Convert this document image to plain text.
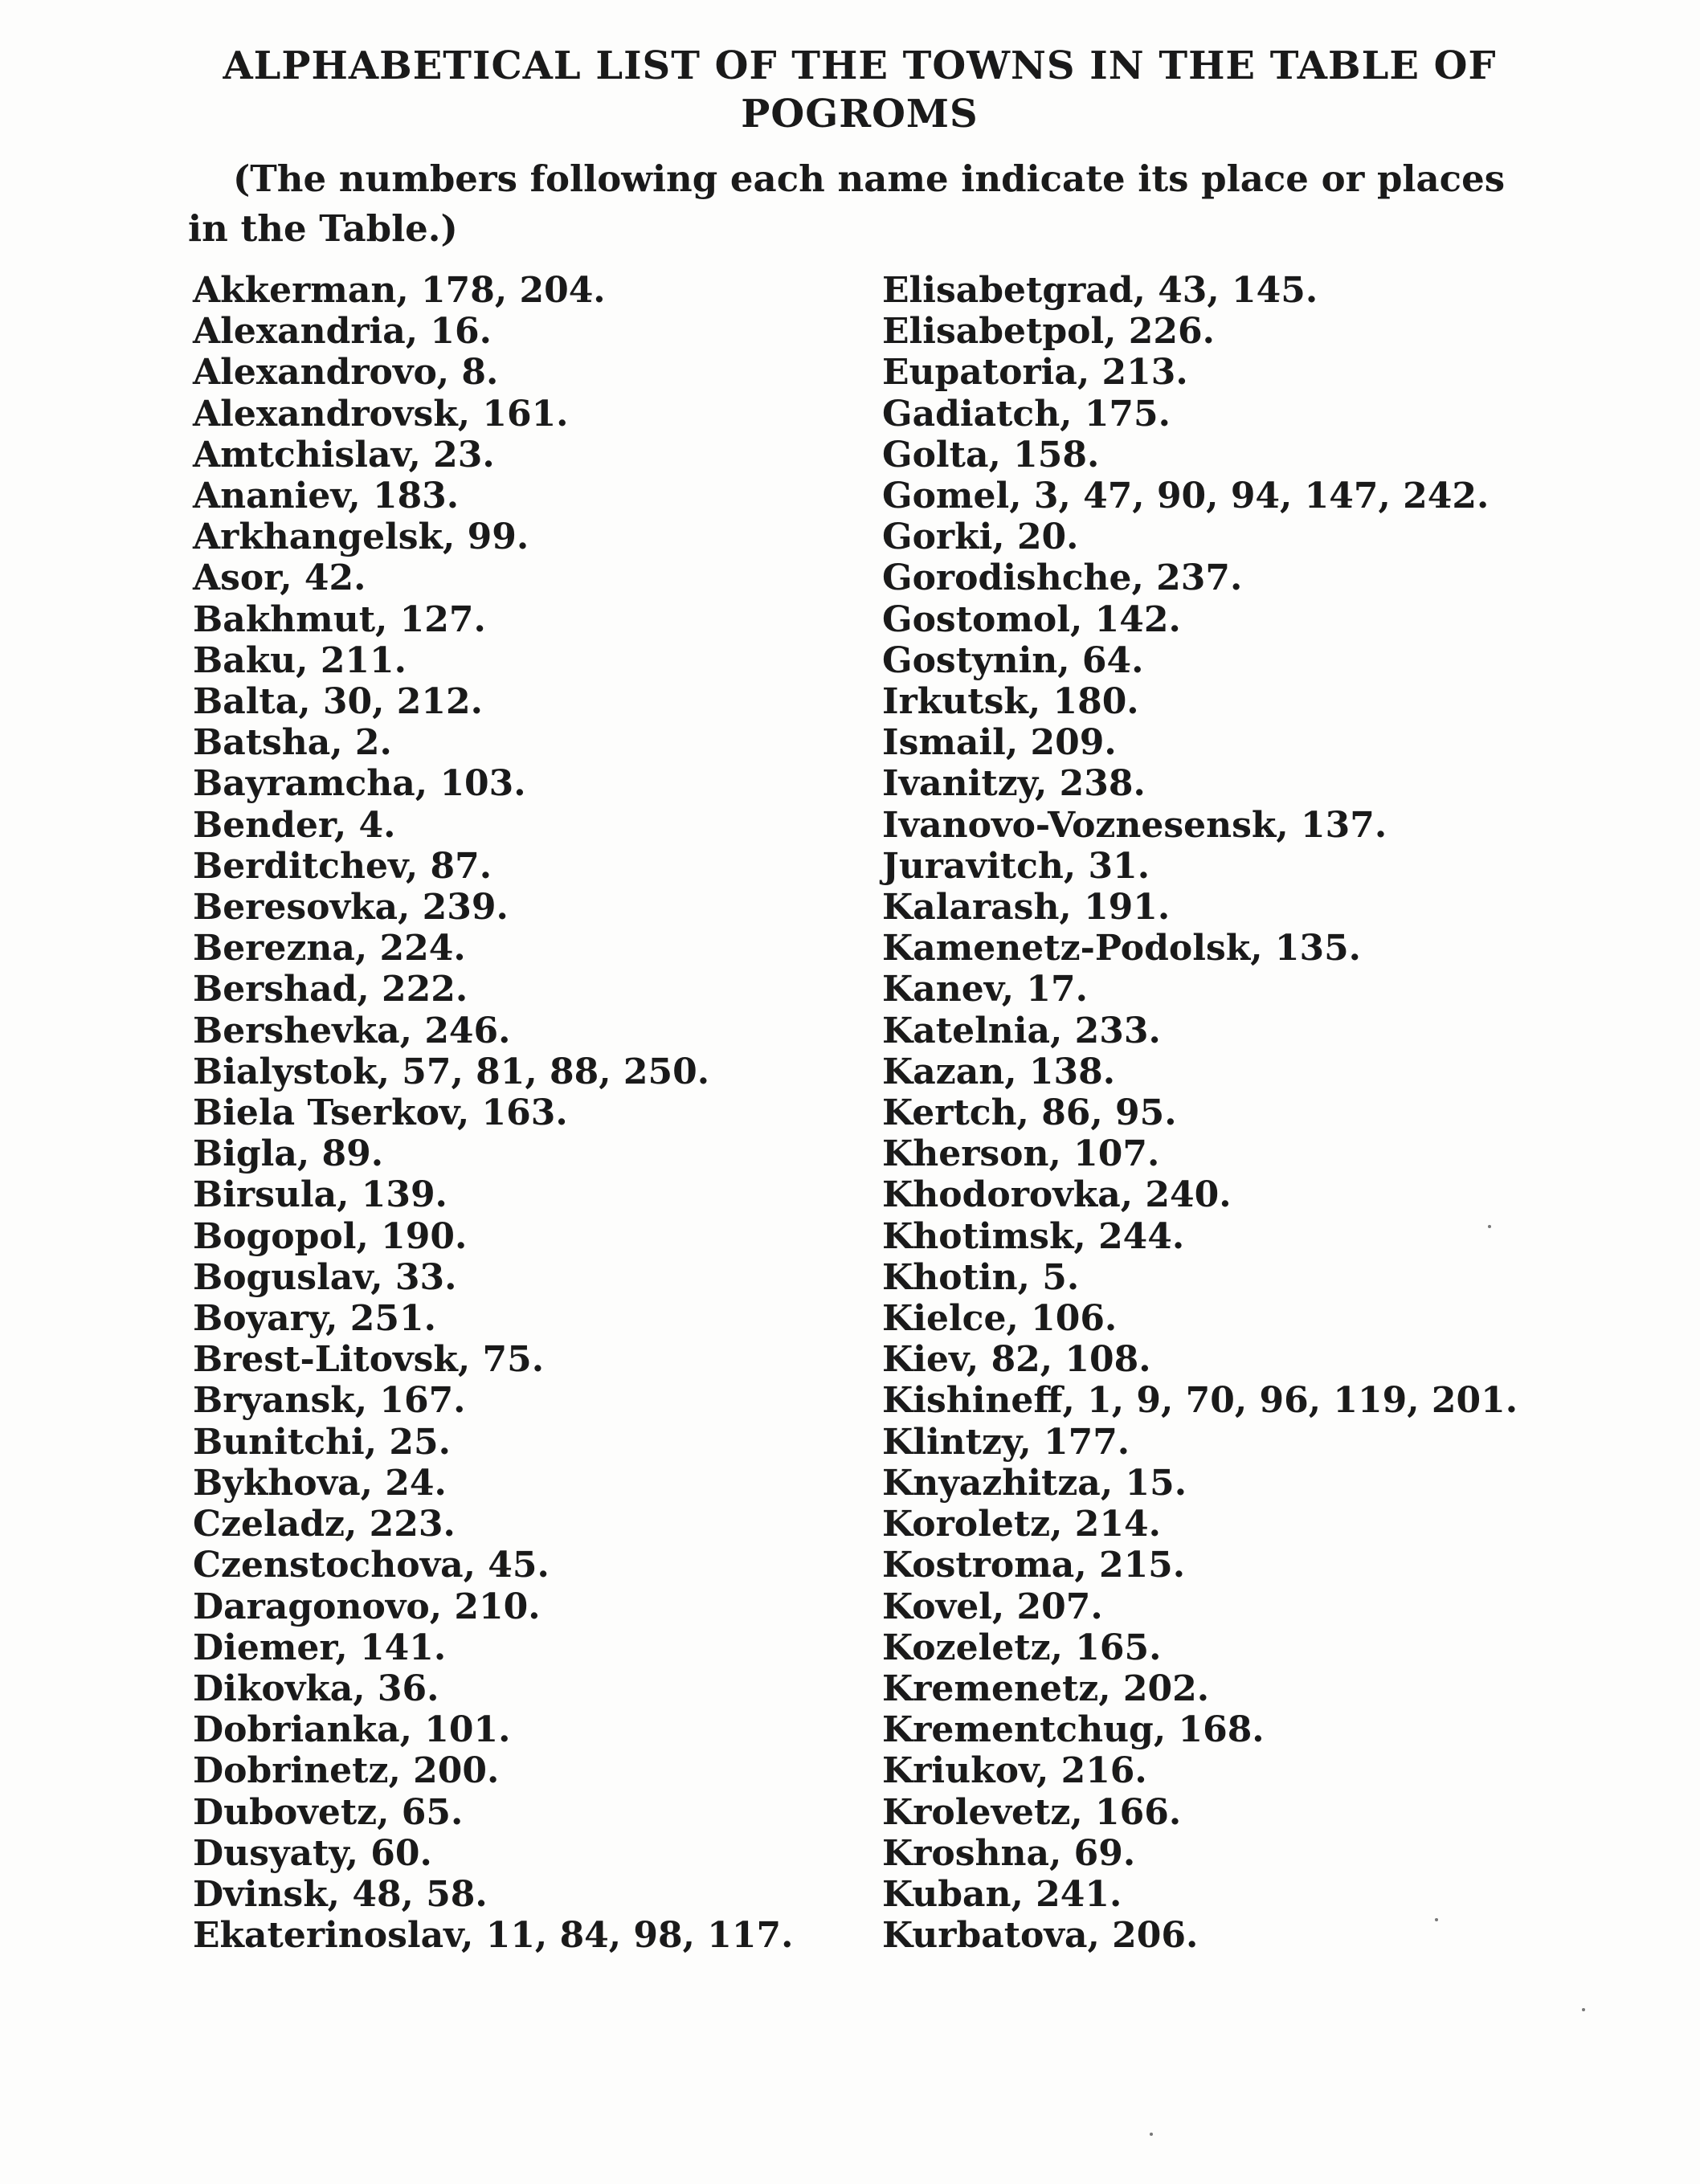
ALPHABETICAL LIST OF THE TOWNS IN THE TABLE OF POGROMS

(The numbers following each name indicate its place or places in the Table.)

Akkerman, 178, 204.
Alexandria, 16.
Alexandrovo, 8.
Alexandrovsk, 161.
Amtchislav, 23.
Ananiev, 183.
Arkhangelsk, 99.
Asor, 42.
Bakhmut, 127.
Baku, 211.
Balta, 30, 212.
Batsha, 2.
Bayramcha, 103.
Bender, 4.
Berditchev, 87.
Beresovka, 239.
Berezna, 224.
Bershad, 222.
Bershevka, 246.
Bialystok, 57, 81, 88, 250.
Biela Tserkov, 163.
Bigla, 89.
Birsula, 139.
Bogopol, 190.
Boguslav, 33.
Boyary, 251.
Brest-Litovsk, 75.
Bryansk, 167.
Bunitchi, 25.
Bykhova, 24.
Czeladz, 223.
Czenstochova, 45.
Daragonovo, 210.
Diemer, 141.
Dikovka, 36.
Dobrianka, 101.
Dobrinetz, 200.
Dubovetz, 65.
Dusyaty, 60.
Dvinsk, 48, 58.
Ekaterinoslav, 11, 84, 98, 117.
Elisabetgrad, 43, 145.
Elisabetpol, 226.
Eupatoria, 213.
Gadiatch, 175.
Golta, 158.
Gomel, 3, 47, 90, 94, 147, 242.
Gorki, 20.
Gorodishche, 237.
Gostomol, 142.
Gostynin, 64.
Irkutsk, 180.
Ismail, 209.
Ivanitzy, 238.
Ivanovo-Voznesensk, 137.
Juravitch, 31.
Kalarash, 191.
Kamenetz-Podolsk, 135.
Kanev, 17.
Katelnia, 233.
Kazan, 138.
Kertch, 86, 95.
Kherson, 107.
Khodorovka, 240.
Khotimsk, 244.
Khotin, 5.
Kielce, 106.
Kiev, 82, 108.
Kishineff, 1, 9, 70, 96, 119, 201.
Klintzy, 177.
Knyazhitza, 15.
Koroletz, 214.
Kostroma, 215.
Kovel, 207.
Kozeletz, 165.
Kremenetz, 202.
Krementchug, 168.
Kriukov, 216.
Krolevetz, 166.
Kroshna, 69.
Kuban, 241.
Kurbatova, 206.
